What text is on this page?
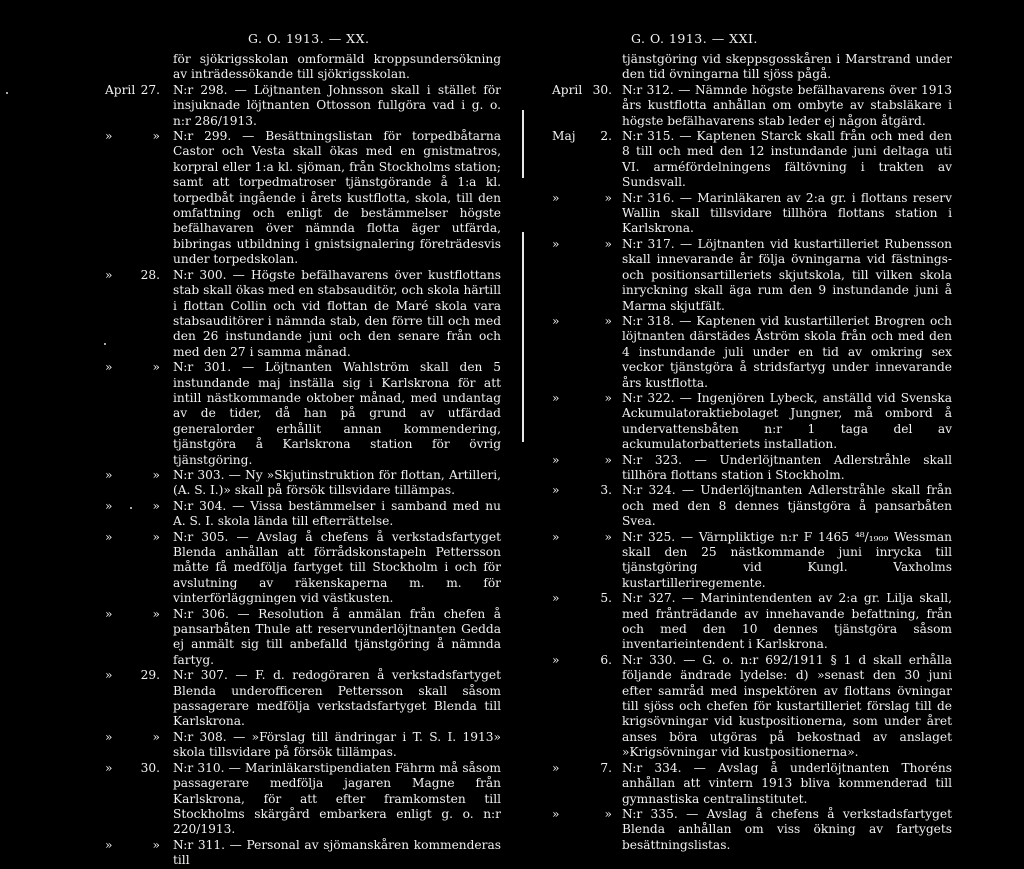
G. O. 1913. — XX.
för sjökrigsskolan omformäld kroppsundersökning av inträdessökande till sjökrigsskolan.
April 27. N:r 298. — Löjtnanten Johnsson skall i stället för insjuknade löjtnanten Ottosson fullgöra vad i g. o. n:r 286/1913.
»	» N:r 299. — Besättningslistan för torpedbåtarna Castor och Vesta skall ökas med en gnistmatros, korpral eller 1:a kl. sjöman, från Stockholms station; samt att torpedmatroser tjänstgörande å 1:a kl. torpedbåt ingående i årets kustflotta, skola, till den omfattning och enligt de bestämmelser högste befälhavaren över nämnda flotta äger utfärda, bibringas utbildning i gnistsignalering företrädesvis under torpedskolan.
»	28. N:r 300. — Högste befälhavarens över kustflottans stab skall ökas med en stabsauditör, och skola härtill i flottan Collin och vid flottan de Maré skola vara stabsauditörer i nämnda stab, den förre till och med den 26 instundande juni och den senare från och med den 27 i samma månad.
»	» N:r 301. — Löjtnanten Wahlström skall den 5 instundande maj inställa sig i Karlskrona för att intill nästkommande oktober månad, med undantag av de tider, då han på grund av utfärdad generalorder erhållit annan kommendering, tjänstgöra å Karlskrona station för övrig tjänstgöring.
»	» N:r 303. — Ny »Skjutinstruktion för flottan, Artilleri, (A. S. I.)» skall på försök tillsvidare tillämpas.
»	» N:r 304. — Vissa bestämmelser i samband med nu A. S. I. skola lända till efterrättelse.
»	» N:r 305. — Avslag å chefens å verkstadsfartyget Blenda anhållan att förrådskonstapeln Pettersson måtte få medfölja fartyget till Stockholm i och för avslutning av räkenskaperna m. m. för vinterförläggningen vid västkusten.
»	» N:r 306. — Resolution å anmälan från chefen å pansarbåten Thule att reservunderlöjtnanten Gedda ej anmält sig till anbefalld tjänstgöring å nämnda fartyg.
»	29. N:r 307. — F. d. redogöraren å verkstadsfartyget Blenda underofficeren Pettersson skall såsom passagerare medfölja verkstadsfartyget Blenda till Karlskrona.
»	» N:r 308. — »Förslag till ändringar i T. S. I. 1913» skola tillsvidare på försök tillämpas.
»	30. N:r 310. — Marinläkarstipendiaten Fährm må såsom passagerare medfölja jagaren Magne från Karlskrona, för att efter framkomsten till Stockholms skärgård embarkera enligt g. o. n:r 220/1913.
»	» N:r 311. — Personal av sjömanskåren kommenderas till
G. O. 1913. — XXI.
tjänstgöring vid skeppsgosskåren i Marstrand under den tid övningarna till sjöss pågå.
April 30. N:r 312. — Nämnde högste befälhavarens över 1913 års kustflotta anhållan om ombyte av stabsläkare i högste befälhavarens stab leder ej någon åtgärd.
Maj	2. N:r 315. — Kaptenen Starck skall från och med den 8 till och med den 12 instundande juni deltaga uti VI. arméfördelningens fältövning i trakten av Sundsvall.
»	» N:r 316. — Marinläkaren av 2:a gr. i flottans reserv Wallin skall tillsvidare tillhöra flottans station i Karlskrona.
»	» N:r 317. — Löjtnanten vid kustartilleriet Rubensson skall innevarande år följa övningarna vid fästnings- och positionsartilleriets skjutskola, till vilken skola inryckning skall äga rum den 9 instundande juni å Marma skjutfält.
»	» N:r 318. — Kaptenen vid kustartilleriet Brogren och löjtnanten därstädes Åström skola från och med den 4 instundande juli under en tid av omkring sex veckor tjänstgöra å stridsfartyg under innevarande års kustflotta.
»	» N:r 322. — Ingenjören Lybeck, anställd vid Svenska Ackumulatoraktiebolaget Jungner, må ombord å undervattensbåten n:r 1 taga del av ackumulatorbatteriets installation.
»	» N:r 323. — Underlöjtnanten Adlerstråhle skall tillhöra flottans station i Stockholm.
»	3. N:r 324. — Underlöjtnanten Adlerstråhle skall från och med den 8 dennes tjänstgöra å pansarbåten Svea.
»	» N:r 325. — Värnpliktige n:r F 1465 ⁴⁸/₁₉₀₉ Wessman skall den 25 nästkommande juni inrycka till tjänstgöring vid Kungl. Vaxholms kustartilleriregemente.
»	5. N:r 327. — Marinintendenten av 2:a gr. Lilja skall, med frånträdande av innehavande befattning, från och med den 10 dennes tjänstgöra såsom inventarieintendent i Karlskrona.
»	6. N:r 330. — G. o. n:r 692/1911 § 1 d skall erhålla följande ändrade lydelse: d) »senast den 30 juni efter samråd med inspektören av flottans övningar till sjöss och chefen för kustartilleriet förslag till de krigsövningar vid kustpositionerna, som under året anses böra utgöras på bekostnad av anslaget »Krigsövningar vid kustpositionerna».
»	7. N:r 334. — Avslag å underlöjtnanten Thoréns anhållan att vintern 1913 bliva kommenderad till gymnastiska centralinstitutet.
»	» N:r 335. — Avslag å chefens å verkstadsfartyget Blenda anhållan om viss ökning av fartygets besättningslistas.
